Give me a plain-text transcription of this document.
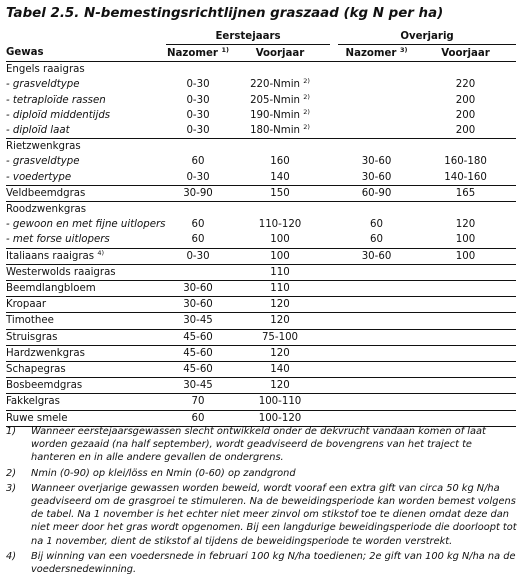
Tabel 2.5. N-bemestingsrichtlijnen graszaad (kg N per ha)
	Eerstejaars			Overjarig	
Gewas	Nazomer $^{1)}$	Voorjaar		Nazomer $^{3)}$	Voorjaar
Engels raaigras					
- grasveldtype	0-30	220-Nmin $^{2)}$			220
- tetraploïde rassen	0-30	205-Nmin $^{2)}$			200
- diploïd middentijds	0-30	190-Nmin $^{2)}$			200
- diploïd laat	0-30	180-Nmin $^{2)}$			200
Rietzwenkgras					
- grasveldtype	60	160		30-60	160-180
- voedertype	0-30	140		30-60	140-160
Veldbeemdgras	30-90	150		60-90	165
Roodzwenkgras					
- gewoon en met fijne uitlopers	60	110-120		60	120
- met forse uitlopers	60	100		60	100
Italiaans raaigras $^{4)}$	0-30	100		30-60	100
Westerwolds raaigras		110			
Beemdlangbloem	30-60	110			
Kropaar	30-60	120			
Timothee	30-45	120			
Struisgras	45-60	75-100			
Hardzwenkgras	45-60	120			
Schapegras	45-60	140			
Bosbeemdgras	30-45	120			
Fakkelgras	70	100-110			
Ruwe smele	60	100-120			
1)	Wanneer eerstejaarsgewassen slecht ontwikkeld onder de dekvrucht vandaan komen of laat worden gezaaid (na half september), wordt geadviseerd de bovengrens van het traject te hanteren en in alle andere gevallen de ondergrens.
2)	Nmin (0-90) op klei/löss en Nmin (0-60) op zandgrond
3)	Wanneer overjarige gewassen worden beweid, wordt vooraf een extra gift van circa 50 kg N/ha geadviseerd om de grasgroei te stimuleren. Na de beweidingsperiode kan worden bemest volgens de tabel. Na 1 november is het echter niet meer zinvol om stikstof toe te dienen omdat deze dan niet meer door het gras wordt opgenomen. Bij een langdurige beweidingsperiode die doorloopt tot na 1 november, dient de stikstof al tijdens de beweidingsperiode te worden verstrekt.
4)	Bij winning van een voedersnede in februari 100 kg N/ha toedienen; 2e gift van 100 kg N/ha na de voedersnedewinning.
